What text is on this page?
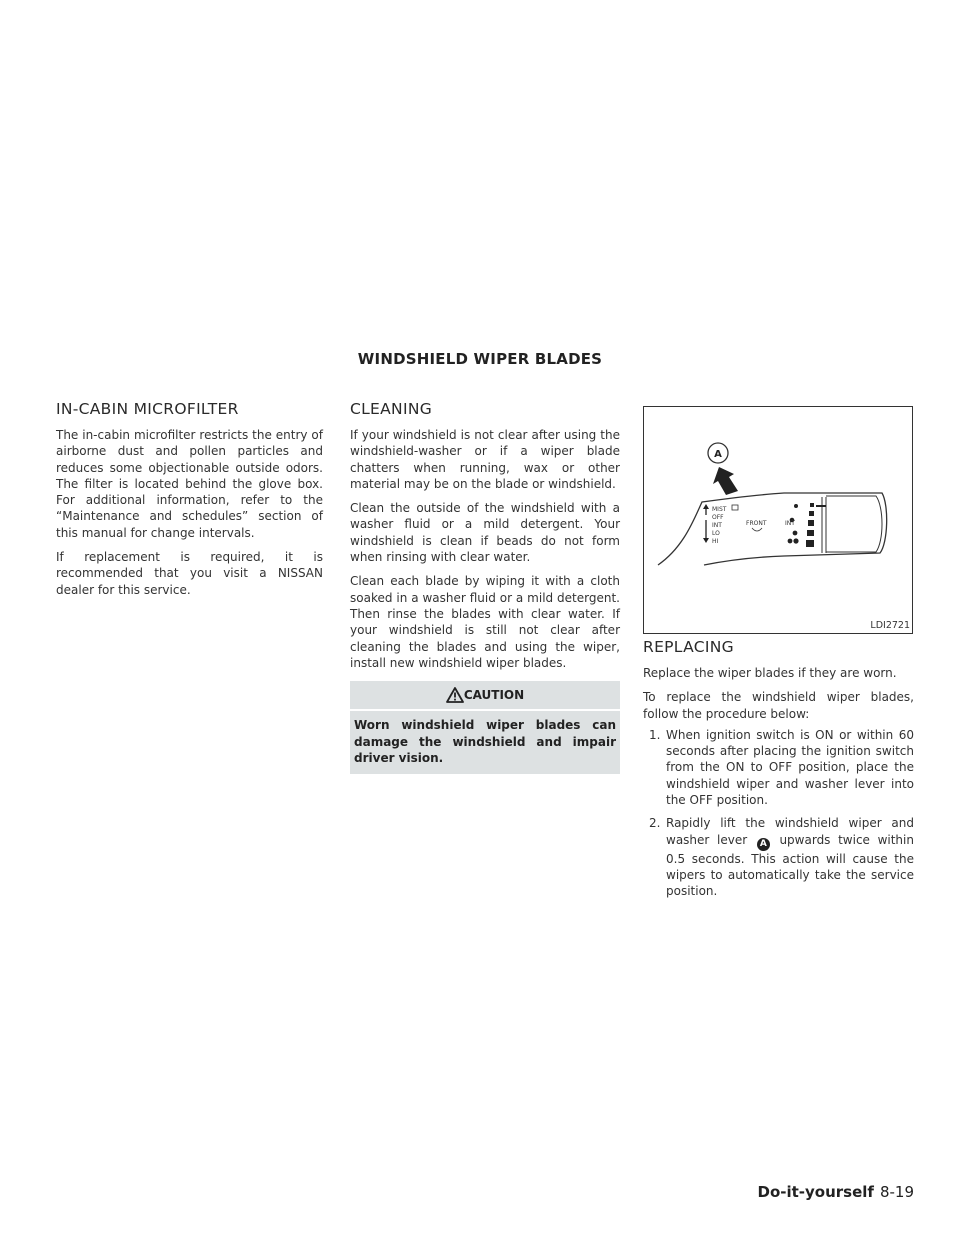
WINDSHIELD WIPER BLADES
IN-CABIN MICROFILTER

The in-cabin microfilter restricts the entry of airborne dust and pollen particles and reduces some objectionable outside odors. The filter is located behind the glove box. For additional information, refer to the “Maintenance and schedules” section of this manual for change intervals.

If replacement is required, it is recommended that you visit a NISSAN dealer for this service.

CLEANING

If your windshield is not clear after using the windshield-washer or if a wiper blade chatters when running, wax or other material may be on the blade or windshield.

Clean the outside of the windshield with a washer fluid or a mild detergent. Your windshield is clean if beads do not form when rinsing with clear water.

Clean each blade by wiping it with a cloth soaked in a washer fluid or a mild detergent. Then rinse the blades with clear water. If your windshield is still not clear after cleaning the blades and using the wiper, install new windshield wiper blades.

CAUTION
Worn windshield wiper blades can damage the windshield and impair driver vision.
MIST
OFF
INT
LO
HI
FRONT	INT
A
LDI2721
REPLACING

Replace the wiper blades if they are worn.

To replace the windshield wiper blades, follow the procedure below:

1. When ignition switch is ON or within 60 seconds after placing the ignition switch from the ON to OFF position, place the windshield wiper and washer lever into the OFF position.
2. Rapidly lift the windshield wiper and washer lever A upwards twice within 0.5 seconds. This action will cause the wipers to automatically take the service position.
Do-it-yourself 8-19
